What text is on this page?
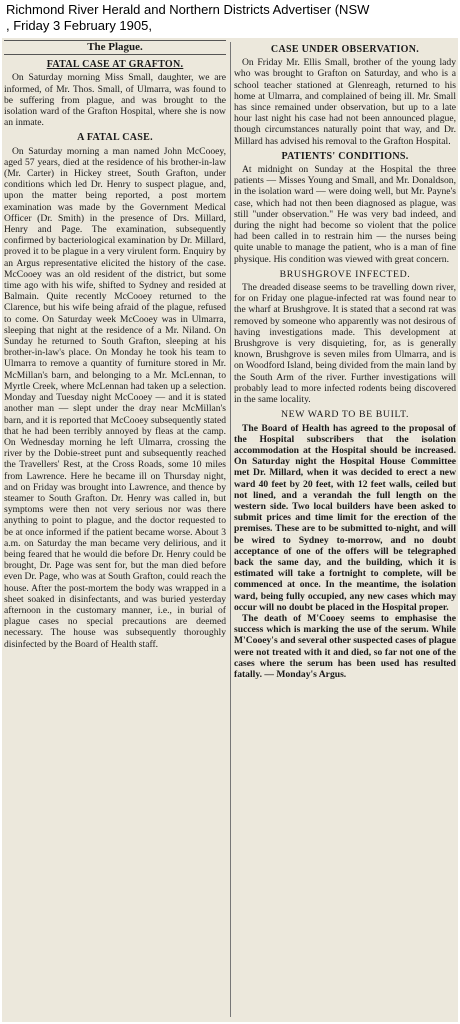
Richmond River Herald and Northern Districts Advertiser (NSW
, Friday 3 February 1905,
The Plague.
FATAL CASE AT GRAFTON.

On Saturday morning Miss Small, daughter, we are informed, of Mr. Thos. Small, of Ulmarra, was found to be suffering from plague, and was brought to the isolation ward of the Grafton Hospital, where she is now an inmate.

A FATAL CASE.

On Saturday morning a man named John McCooey, aged 57 years, died at the residence of his brother-in-law (Mr. Carter) in Hickey street, South Grafton, under conditions which led Dr. Henry to suspect plague, and, upon the matter being reported, a post mortem examination was made by the Government Medical Officer (Dr. Smith) in the presence of Drs. Millard, Henry and Page. The examination, subsequently confirmed by bacteriological examination by Dr. Millard, proved it to be plague in a very virulent form. Enquiry by an Argus representative elicited the history of the case. McCooey was an old resident of the district, but some time ago with his wife, shifted to Sydney and resided at Balmain. Quite recently McCooey returned to the Clarence, but his wife being afraid of the plague, refused to come. On Saturday week McCooey was in Ulmarra, sleeping that night at the residence of a Mr. Niland. On Sunday he returned to South Grafton, sleeping at his brother-in-law's place. On Monday he took his team to Ulmarra to remove a quantity of furniture stored in Mr. McMillan's barn, and belonging to a Mr. McLennan, to Myrtle Creek, where McLennan had taken up a selection. Monday and Tuesday night McCooey — and it is stated another man — slept under the dray near McMillan's barn, and it is reported that McCooey subsequently stated that he had been terribly annoyed by fleas at the camp. On Wednesday morning he left Ulmarra, crossing the river by the Dobie-street punt and subsequently reached the Travellers' Rest, at the Cross Roads, some 10 miles from Lawrence. Here he became ill on Thursday night, and on Friday was brought into Lawrence, and thence by steamer to South Grafton. Dr. Henry was called in, but symptoms were then not very serious nor was there anything to point to plague, and the doctor requested to be at once informed if the patient became worse. About 3 a.m. on Saturday the man became very delirious, and it being feared that he would die before Dr. Henry could be brought, Dr. Page was sent for, but the man died before even Dr. Page, who was at South Grafton, could reach the house. After the post-mortem the body was wrapped in a sheet soaked in disinfectants, and was buried yesterday afternoon in the customary manner, i.e., in burial of plague cases no special precautions are deemed necessary. The house was subsequently thoroughly disinfected by the Board of Health staff.

CASE UNDER OBSERVATION.

On Friday Mr. Ellis Small, brother of the young lady who was brought to Grafton on Saturday, and who is a school teacher stationed at Glenreagh, returned to his home at Ulmarra, and complained of being ill. Mr. Small has since remained under observation, but up to a late hour last night his case had not been announced plague, though circumstances naturally point that way, and Dr. Millard has advised his removal to the Grafton Hospital.

PATIENTS' CONDITIONS.

At midnight on Sunday at the Hospital the three patients — Misses Young and Small, and Mr. Donaldson, in the isolation ward — were doing well, but Mr. Payne's case, which had not then been diagnosed as plague, was still "under observation." He was very bad indeed, and during the night had become so violent that the police had been called in to restrain him — the nurses being quite unable to manage the patient, who is a man of fine physique. His condition was viewed with great concern.

BRUSHGROVE INFECTED.

The dreaded disease seems to be travelling down river, for on Friday one plague-infected rat was found near to the wharf at Brushgrove. It is stated that a second rat was removed by someone who apparently was not desirous of having investigations made. This development at Brushgrove is very disquieting, for, as is generally known, Brushgrove is seven miles from Ulmarra, and is on Woodford Island, being divided from the main land by the South Arm of the river. Further investigations will probably lead to more infected rodents being discovered in the same locality.

NEW WARD TO BE BUILT.

The Board of Health has agreed to the proposal of the Hospital subscribers that the isolation accommodation at the Hospital should be increased. On Saturday night the Hospital House Committee met Dr. Millard, when it was decided to erect a new ward 40 feet by 20 feet, with 12 feet walls, ceiled but not lined, and a verandah the full length on the western side. Two local builders have been asked to submit prices and time limit for the erection of the premises. These are to be submitted to-night, and will be wired to Sydney to-morrow, and no doubt acceptance of one of the offers will be telegraphed back the same day, and the building, which it is estimated will take a fortnight to complete, will be commenced at once. In the meantime, the isolation ward, being fully occupied, any new cases which may occur will no doubt be placed in the Hospital proper.

The death of M'Cooey seems to emphasise the success which is marking the use of the serum. While M'Cooey's and several other suspected cases of plague were not treated with it and died, so far not one of the cases where the serum has been used has resulted fatally. — Monday's Argus.
